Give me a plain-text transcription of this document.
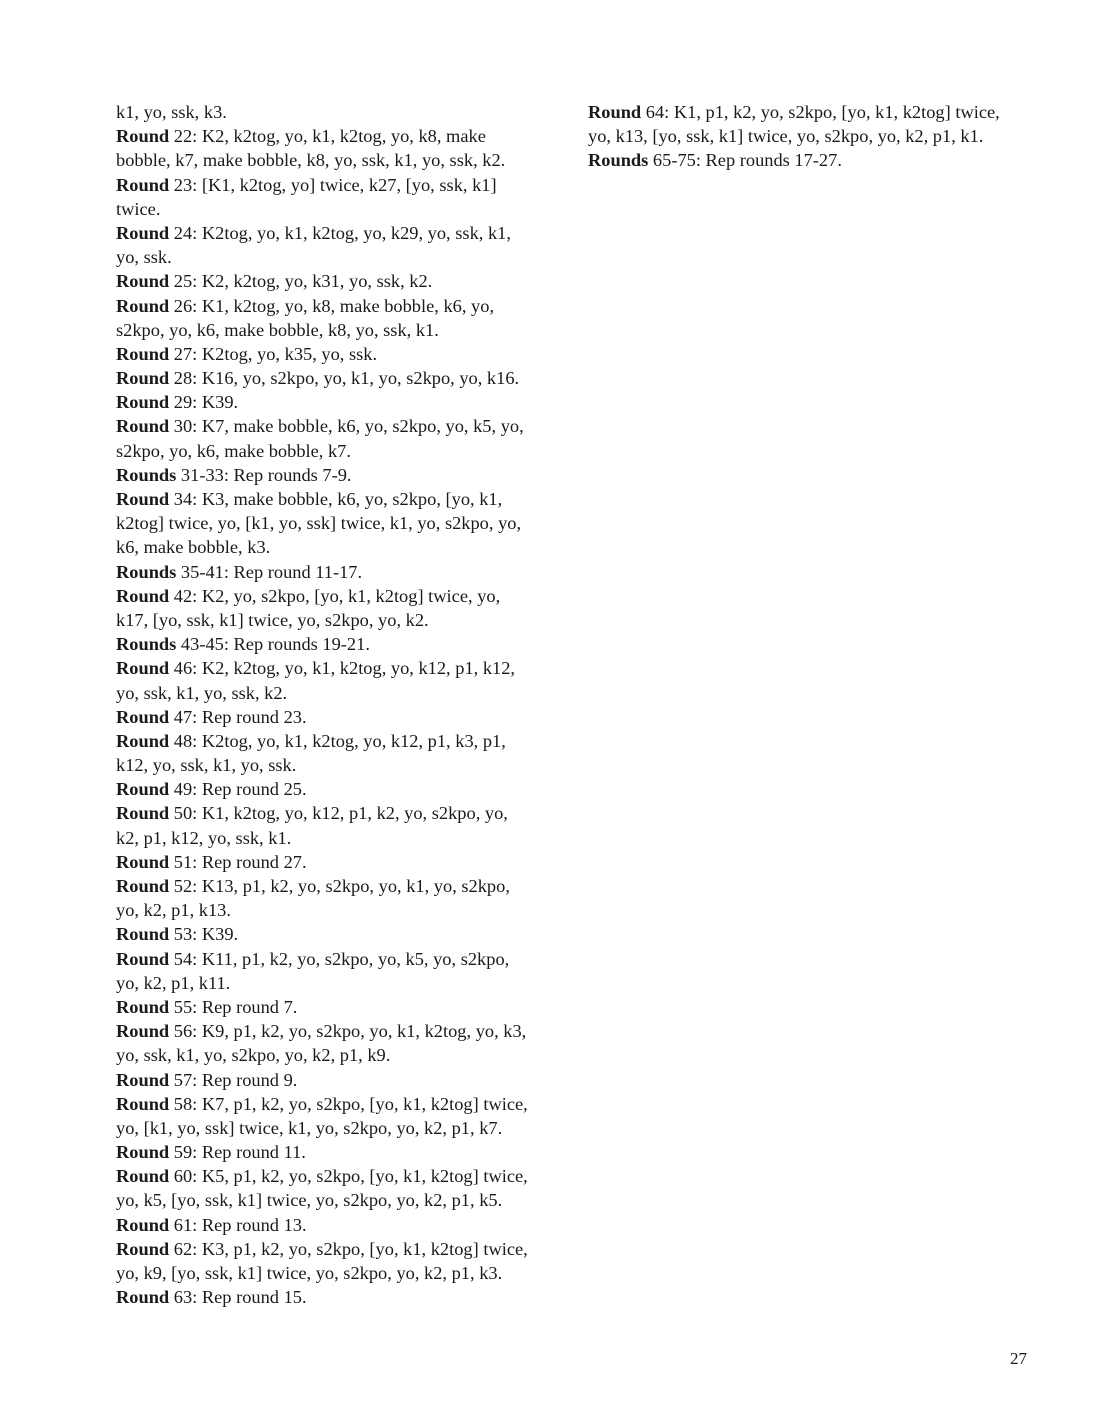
k1, yo, ssk, k3.
Round 22: K2, k2tog, yo, k1, k2tog, yo, k8, make
bobble, k7, make bobble, k8, yo, ssk, k1, yo, ssk, k2.
Round 23: [K1, k2tog, yo] twice, k27, [yo, ssk, k1]
twice.
Round 24: K2tog, yo, k1, k2tog, yo, k29, yo, ssk, k1,
yo, ssk.
Round 25: K2, k2tog, yo, k31, yo, ssk, k2.
Round 26: K1, k2tog, yo, k8, make bobble, k6, yo,
s2kpo, yo, k6, make bobble, k8, yo, ssk, k1.
Round 27: K2tog, yo, k35, yo, ssk.
Round 28: K16, yo, s2kpo, yo, k1, yo, s2kpo, yo, k16.
Round 29: K39.
Round 30: K7, make bobble, k6, yo, s2kpo, yo, k5, yo,
s2kpo, yo, k6, make bobble, k7.
Rounds 31-33: Rep rounds 7-9.
Round 34: K3, make bobble, k6, yo, s2kpo, [yo, k1,
k2tog] twice, yo, [k1, yo, ssk] twice, k1, yo, s2kpo, yo,
k6, make bobble, k3.
Rounds 35-41: Rep round 11-17.
Round 42: K2, yo, s2kpo, [yo, k1, k2tog] twice, yo,
k17, [yo, ssk, k1] twice, yo, s2kpo, yo, k2.
Rounds 43-45: Rep rounds 19-21.
Round 46: K2, k2tog, yo, k1, k2tog, yo, k12, p1, k12,
yo, ssk, k1, yo, ssk, k2.
Round 47: Rep round 23.
Round 48: K2tog, yo, k1, k2tog, yo, k12, p1, k3, p1,
k12, yo, ssk, k1, yo, ssk.
Round 49: Rep round 25.
Round 50: K1, k2tog, yo, k12, p1, k2, yo, s2kpo, yo,
k2, p1, k12, yo, ssk, k1.
Round 51: Rep round 27.
Round 52: K13, p1, k2, yo, s2kpo, yo, k1, yo, s2kpo,
yo, k2, p1, k13.
Round 53: K39.
Round 54: K11, p1, k2, yo, s2kpo, yo, k5, yo, s2kpo,
yo, k2, p1, k11.
Round 55: Rep round 7.
Round 56: K9, p1, k2, yo, s2kpo, yo, k1, k2tog, yo, k3,
yo, ssk, k1, yo, s2kpo, yo, k2, p1, k9.
Round 57: Rep round 9.
Round 58: K7, p1, k2, yo, s2kpo, [yo, k1, k2tog] twice,
yo, [k1, yo, ssk] twice, k1, yo, s2kpo, yo, k2, p1, k7.
Round 59: Rep round 11.
Round 60: K5, p1, k2, yo, s2kpo, [yo, k1, k2tog] twice,
yo, k5, [yo, ssk, k1] twice, yo, s2kpo, yo, k2, p1, k5.
Round 61: Rep round 13.
Round 62: K3, p1, k2, yo, s2kpo, [yo, k1, k2tog] twice,
yo, k9, [yo, ssk, k1] twice, yo, s2kpo, yo, k2, p1, k3.
Round 63: Rep round 15.
Round 64: K1, p1, k2, yo, s2kpo, [yo, k1, k2tog] twice,
yo, k13, [yo, ssk, k1] twice, yo, s2kpo, yo, k2, p1, k1.
Rounds 65-75: Rep rounds 17-27.
27
